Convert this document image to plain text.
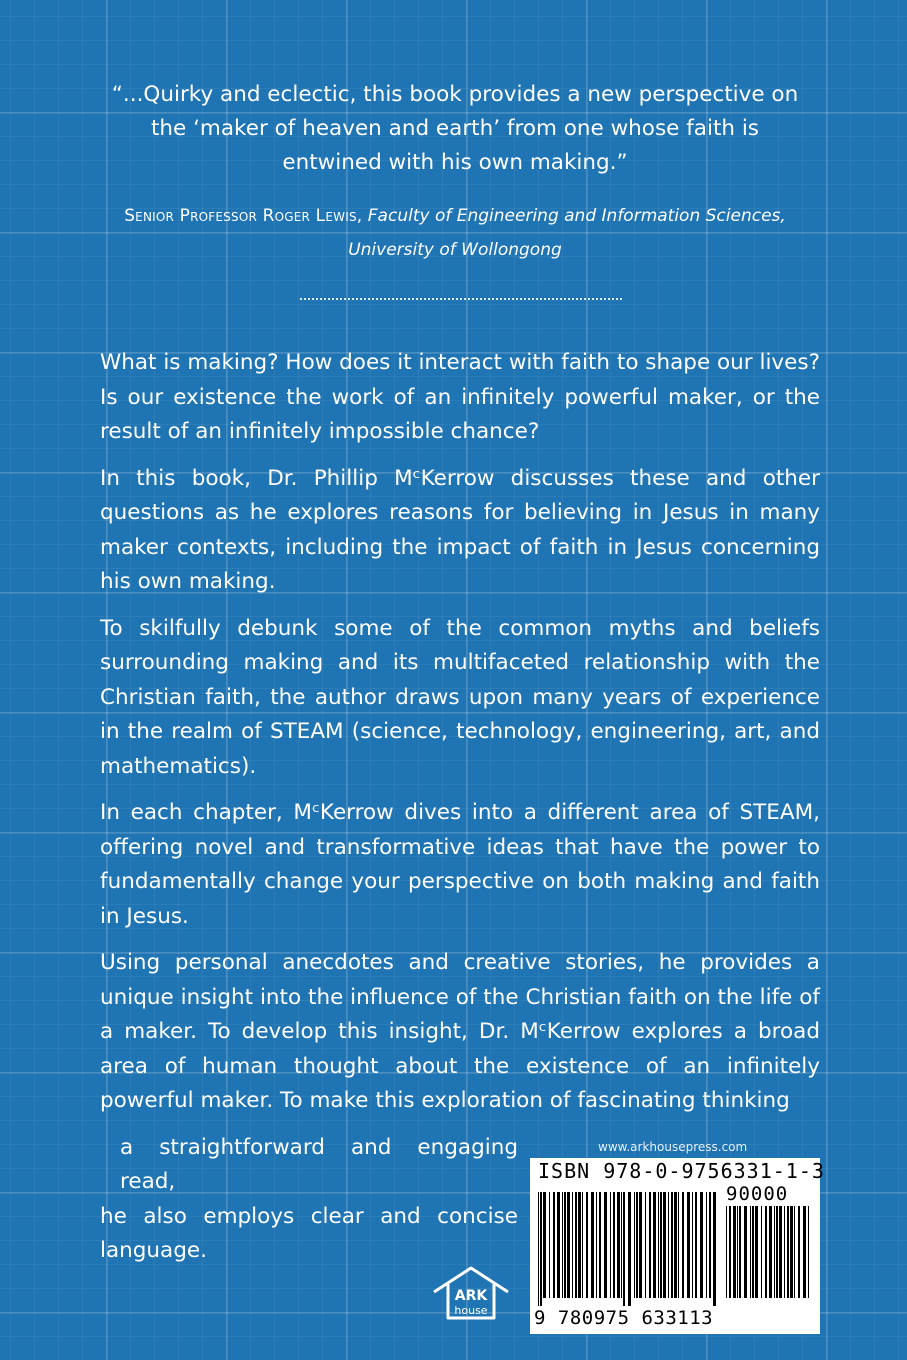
“...Quirky and eclectic, this book provides a new perspective on the ‘maker of heaven and earth’ from one whose faith is entwined with his own making.”

Senior Professor Roger Lewis, Faculty of Engineering and Information Sciences, University of Wollongong

What is making? How does it interact with faith to shape our lives? Is our existence the work of an infinitely powerful maker, or the result of an infinitely impossible chance?

In this book, Dr. Phillip MᶜKerrow discusses these and other questions as he explores reasons for believing in Jesus in many maker contexts, including the impact of faith in Jesus concerning his own making.

To skilfully debunk some of the common myths and beliefs surrounding making and its multifaceted relationship with the Christian faith, the author draws upon many years of experience in the realm of STEAM (science, technology, engineering, art, and mathematics).

In each chapter, MᶜKerrow dives into a different area of STEAM, offering novel and transformative ideas that have the power to fundamentally change your perspective on both making and faith in Jesus.

Using personal anecdotes and creative stories, he provides a unique insight into the influence of the Christian faith on the life of a maker. To develop this insight, Dr. MᶜKerrow explores a broad area of human thought about the existence of an infinitely powerful maker. To make this exploration of fascinating thinking

a straightforward and engaging read,
he also employs clear and concise language.

www.arkhousepress.com
ISBN 978-0-9756331-1-3
90000
9 780975 633113
ARK
house
